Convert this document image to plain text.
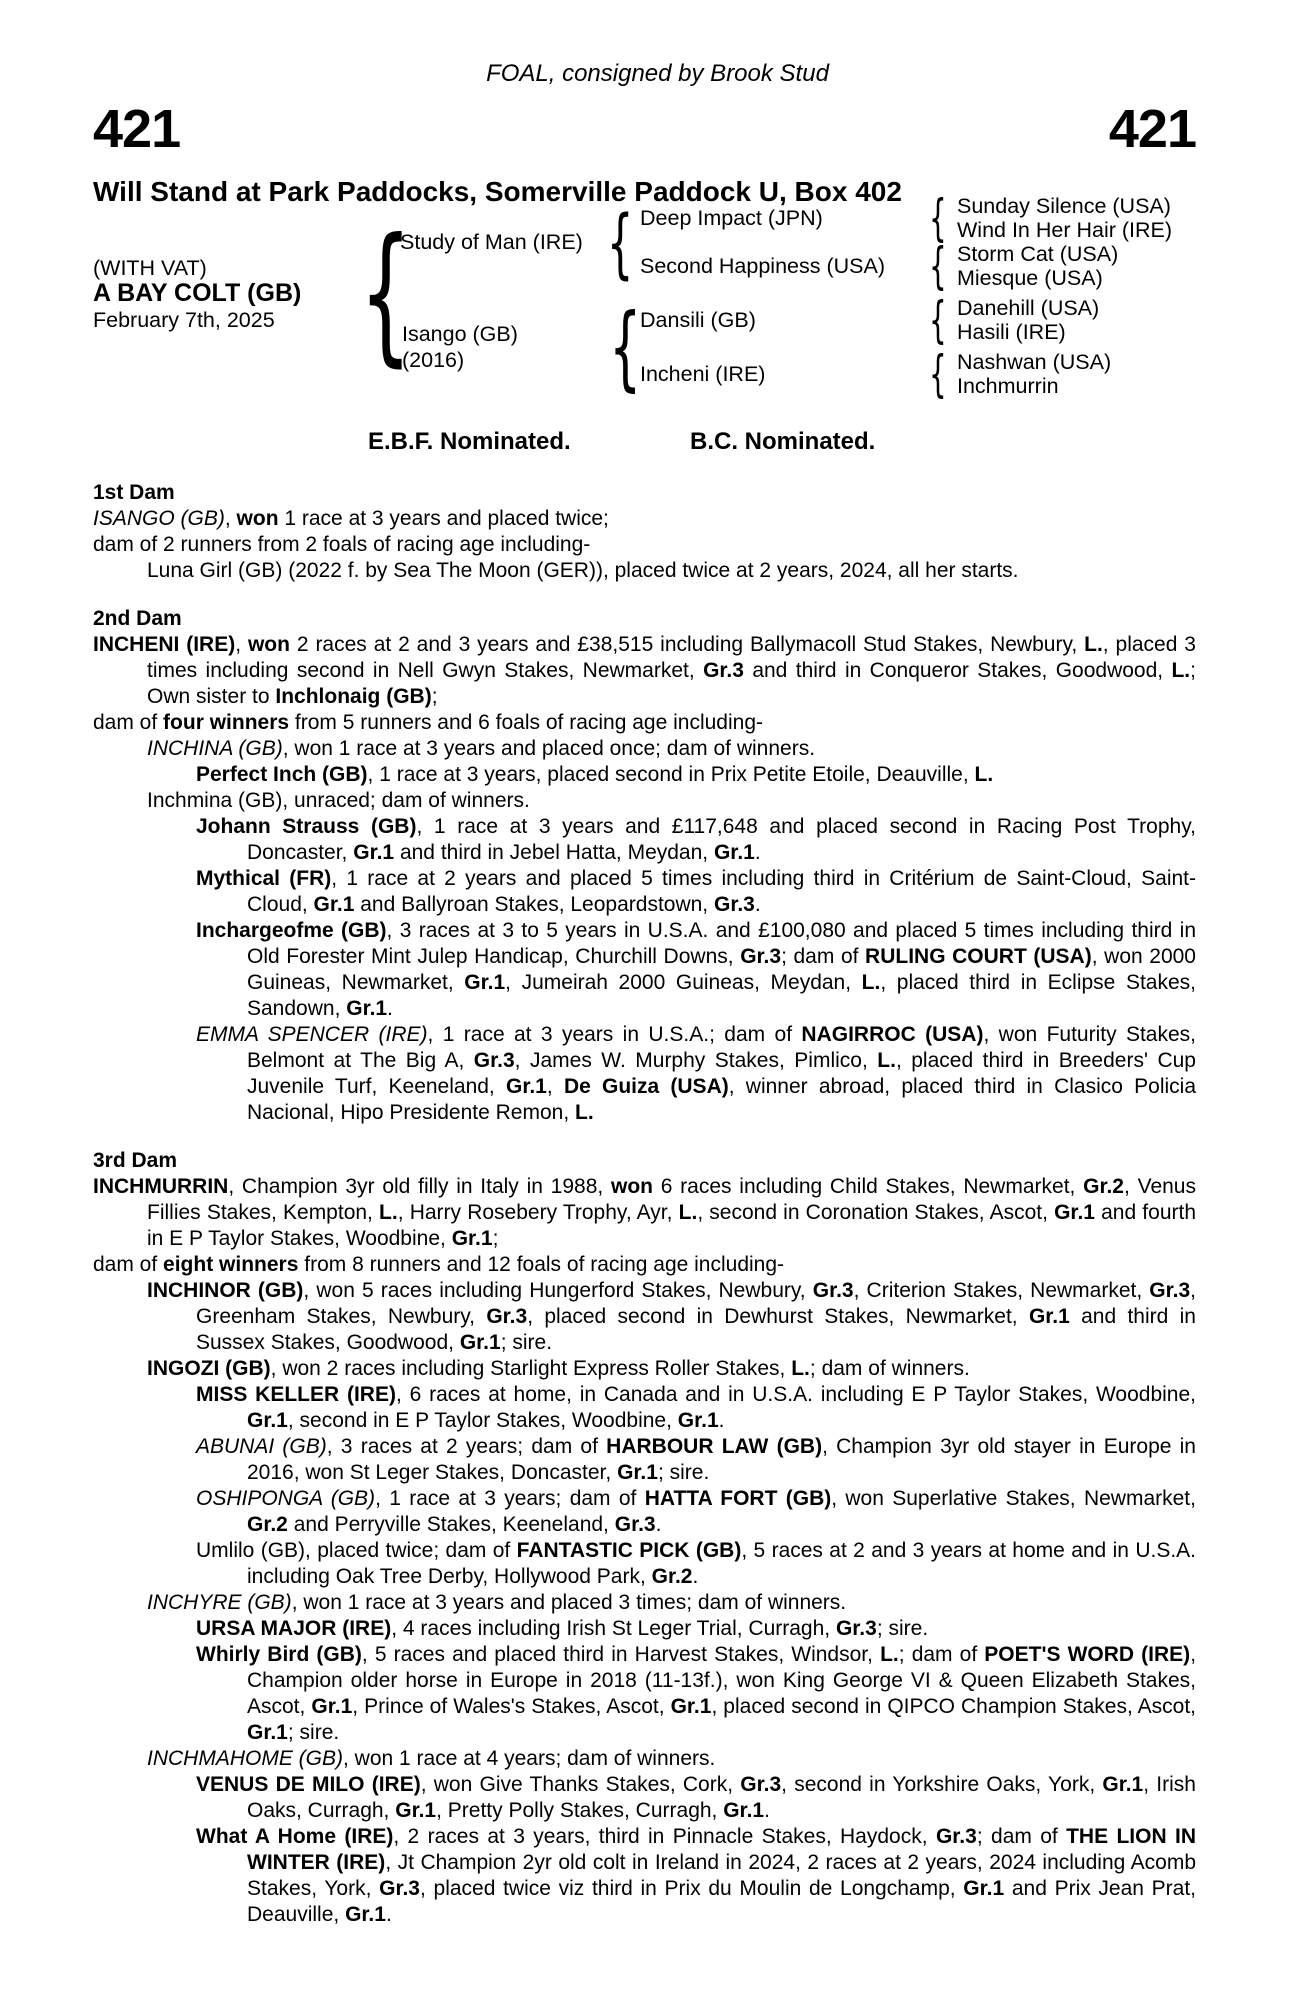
FOAL, consigned by Brook Stud
421	421
Will Stand at Park Paddocks, Somerville Paddock U, Box 402
(WITH VAT)
A BAY COLT (GB)
February 7th, 2025 {
Study of Man (IRE)
Isango (GB)
(2016)
{
{
Deep Impact (JPN)
Second Happiness (USA)
Dansili (GB)
Incheni (IRE)
{
{
{
{
Sunday Silence (USA)
Wind In Her Hair (IRE)
Storm Cat (USA)
Miesque (USA)
Danehill (USA)
Hasili (IRE)
Nashwan (USA)
Inchmurrin
E.B.F. Nominated.	B.C. Nominated.
1st Dam
ISANGO (GB), won 1 race at 3 years and placed twice;
dam of 2 runners from 2 foals of racing age including-
Luna Girl (GB) (2022 f. by Sea The Moon (GER)), placed twice at 2 years, 2024, all her starts.
2nd Dam
INCHENI (IRE), won 2 races at 2 and 3 years and £38,515 including Ballymacoll Stud Stakes, Newbury, L., placed 3 times including second in Nell Gwyn Stakes, Newmarket, Gr.3 and third in Conqueror Stakes, Goodwood, L.; Own sister to Inchlonaig (GB);
dam of four winners from 5 runners and 6 foals of racing age including-
INCHINA (GB), won 1 race at 3 years and placed once; dam of winners.
Perfect Inch (GB), 1 race at 3 years, placed second in Prix Petite Etoile, Deauville, L.
Inchmina (GB), unraced; dam of winners.
Johann Strauss (GB), 1 race at 3 years and £117,648 and placed second in Racing Post Trophy, Doncaster, Gr.1 and third in Jebel Hatta, Meydan, Gr.1.
Mythical (FR), 1 race at 2 years and placed 5 times including third in Critérium de Saint-Cloud, Saint-Cloud, Gr.1 and Ballyroan Stakes, Leopardstown, Gr.3.
Inchargeofme (GB), 3 races at 3 to 5 years in U.S.A. and £100,080 and placed 5 times including third in Old Forester Mint Julep Handicap, Churchill Downs, Gr.3; dam of RULING COURT (USA), won 2000 Guineas, Newmarket, Gr.1, Jumeirah 2000 Guineas, Meydan, L., placed third in Eclipse Stakes, Sandown, Gr.1.
EMMA SPENCER (IRE), 1 race at 3 years in U.S.A.; dam of NAGIRROC (USA), won Futurity Stakes, Belmont at The Big A, Gr.3, James W. Murphy Stakes, Pimlico, L., placed third in Breeders' Cup Juvenile Turf, Keeneland, Gr.1, De Guiza (USA), winner abroad, placed third in Clasico Policia Nacional, Hipo Presidente Remon, L.
3rd Dam
INCHMURRIN, Champion 3yr old filly in Italy in 1988, won 6 races including Child Stakes, Newmarket, Gr.2, Venus Fillies Stakes, Kempton, L., Harry Rosebery Trophy, Ayr, L., second in Coronation Stakes, Ascot, Gr.1 and fourth in E P Taylor Stakes, Woodbine, Gr.1;
dam of eight winners from 8 runners and 12 foals of racing age including-
INCHINOR (GB), won 5 races including Hungerford Stakes, Newbury, Gr.3, Criterion Stakes, Newmarket, Gr.3, Greenham Stakes, Newbury, Gr.3, placed second in Dewhurst Stakes, Newmarket, Gr.1 and third in Sussex Stakes, Goodwood, Gr.1; sire.
INGOZI (GB), won 2 races including Starlight Express Roller Stakes, L.; dam of winners.
MISS KELLER (IRE), 6 races at home, in Canada and in U.S.A. including E P Taylor Stakes, Woodbine, Gr.1, second in E P Taylor Stakes, Woodbine, Gr.1.
ABUNAI (GB), 3 races at 2 years; dam of HARBOUR LAW (GB), Champion 3yr old stayer in Europe in 2016, won St Leger Stakes, Doncaster, Gr.1; sire.
OSHIPONGA (GB), 1 race at 3 years; dam of HATTA FORT (GB), won Superlative Stakes, Newmarket, Gr.2 and Perryville Stakes, Keeneland, Gr.3.
Umlilo (GB), placed twice; dam of FANTASTIC PICK (GB), 5 races at 2 and 3 years at home and in U.S.A. including Oak Tree Derby, Hollywood Park, Gr.2.
INCHYRE (GB), won 1 race at 3 years and placed 3 times; dam of winners.
URSA MAJOR (IRE), 4 races including Irish St Leger Trial, Curragh, Gr.3; sire.
Whirly Bird (GB), 5 races and placed third in Harvest Stakes, Windsor, L.; dam of POET'S WORD (IRE), Champion older horse in Europe in 2018 (11-13f.), won King George VI & Queen Elizabeth Stakes, Ascot, Gr.1, Prince of Wales's Stakes, Ascot, Gr.1, placed second in QIPCO Champion Stakes, Ascot, Gr.1; sire.
INCHMAHOME (GB), won 1 race at 4 years; dam of winners.
VENUS DE MILO (IRE), won Give Thanks Stakes, Cork, Gr.3, second in Yorkshire Oaks, York, Gr.1, Irish Oaks, Curragh, Gr.1, Pretty Polly Stakes, Curragh, Gr.1.
What A Home (IRE), 2 races at 3 years, third in Pinnacle Stakes, Haydock, Gr.3; dam of THE LION IN WINTER (IRE), Jt Champion 2yr old colt in Ireland in 2024, 2 races at 2 years, 2024 including Acomb Stakes, York, Gr.3, placed twice viz third in Prix du Moulin de Longchamp, Gr.1 and Prix Jean Prat, Deauville, Gr.1.
